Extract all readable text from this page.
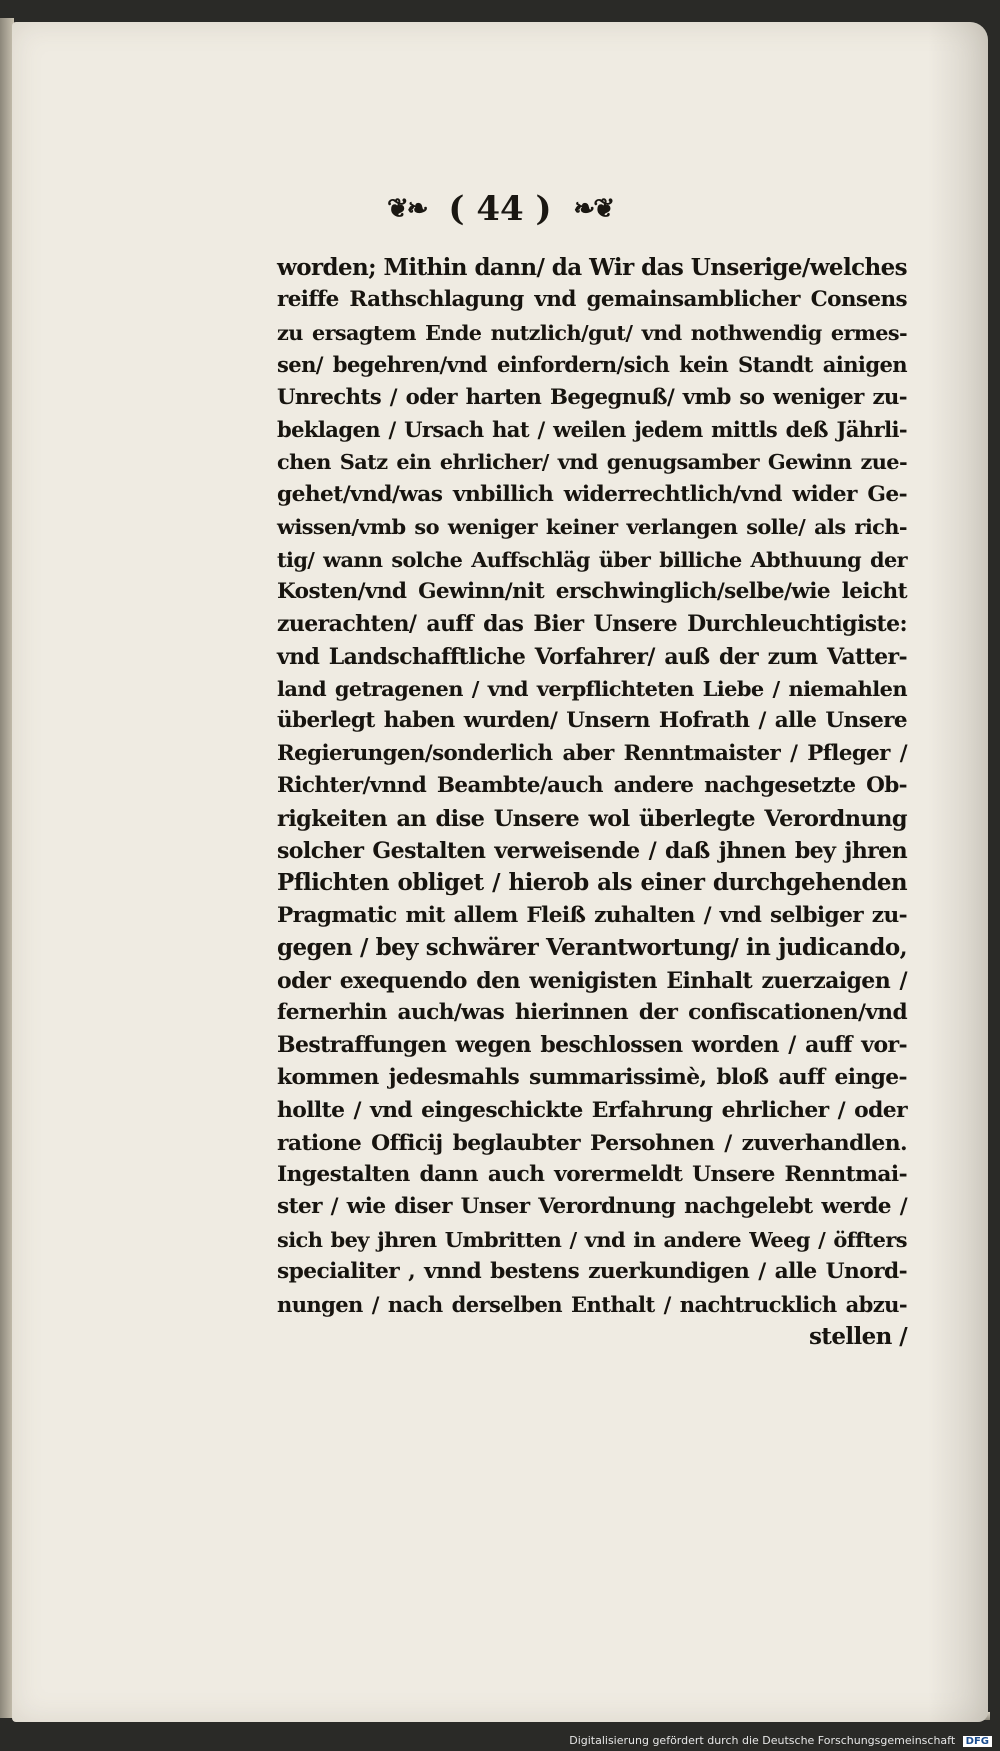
❦❧ ( 44 ) ❧❦
worden; Mithin dann/ da Wir das Unserige/welches
reiffe Rathschlagung vnd gemainsamblicher Consens
zu ersagtem Ende nutzlich/gut/ vnd nothwendig ermes-
sen/ begehren/vnd einfordern/sich kein Standt ainigen
Unrechts / oder harten Begegnuß/ vmb so weniger zu-
beklagen / Ursach hat / weilen jedem mittls deß Jährli-
chen Satz ein ehrlicher/ vnd genugsamber Gewinn zue-
gehet/vnd/was vnbillich widerrechtlich/vnd wider Ge-
wissen/vmb so weniger keiner verlangen solle/ als rich-
tig/ wann solche Auffschläg über billiche Abthuung der
Kosten/vnd Gewinn/nit erschwinglich/selbe/wie leicht
zuerachten/ auff das Bier Unsere Durchleuchtigiste:
vnd Landschafftliche Vorfahrer/ auß der zum Vatter-
land getragenen / vnd verpflichteten Liebe / niemahlen
überlegt haben wurden/ Unsern Hofrath / alle Unsere
Regierungen/sonderlich aber Renntmaister / Pfleger /
Richter/vnnd Beambte/auch andere nachgesetzte Ob-
rigkeiten an dise Unsere wol überlegte Verordnung
solcher Gestalten verweisende / daß jhnen bey jhren
Pflichten obliget / hierob als einer durchgehenden
Pragmatic mit allem Fleiß zuhalten / vnd selbiger zu-
gegen / bey schwärer Verantwortung/ in judicando,
oder exequendo den wenigisten Einhalt zuerzaigen /
fernerhin auch/was hierinnen der confiscationen/vnd
Bestraffungen wegen beschlossen worden / auff vor-
kommen jedesmahls summarissimè, bloß auff einge-
hollte / vnd eingeschickte Erfahrung ehrlicher / oder
ratione Officij beglaubter Persohnen / zuverhandlen.
Ingestalten dann auch vorermeldt Unsere Renntmai-
ster / wie diser Unser Verordnung nachgelebt werde /
sich bey jhren Umbritten / vnd in andere Weeg / öffters
specialiter , vnnd bestens zuerkundigen / alle Unord-
nungen / nach derselben Enthalt / nachtrucklich abzu-
stellen /
Digitalisierung gefördert durch die Deutsche Forschungsgemeinschaft DFG
